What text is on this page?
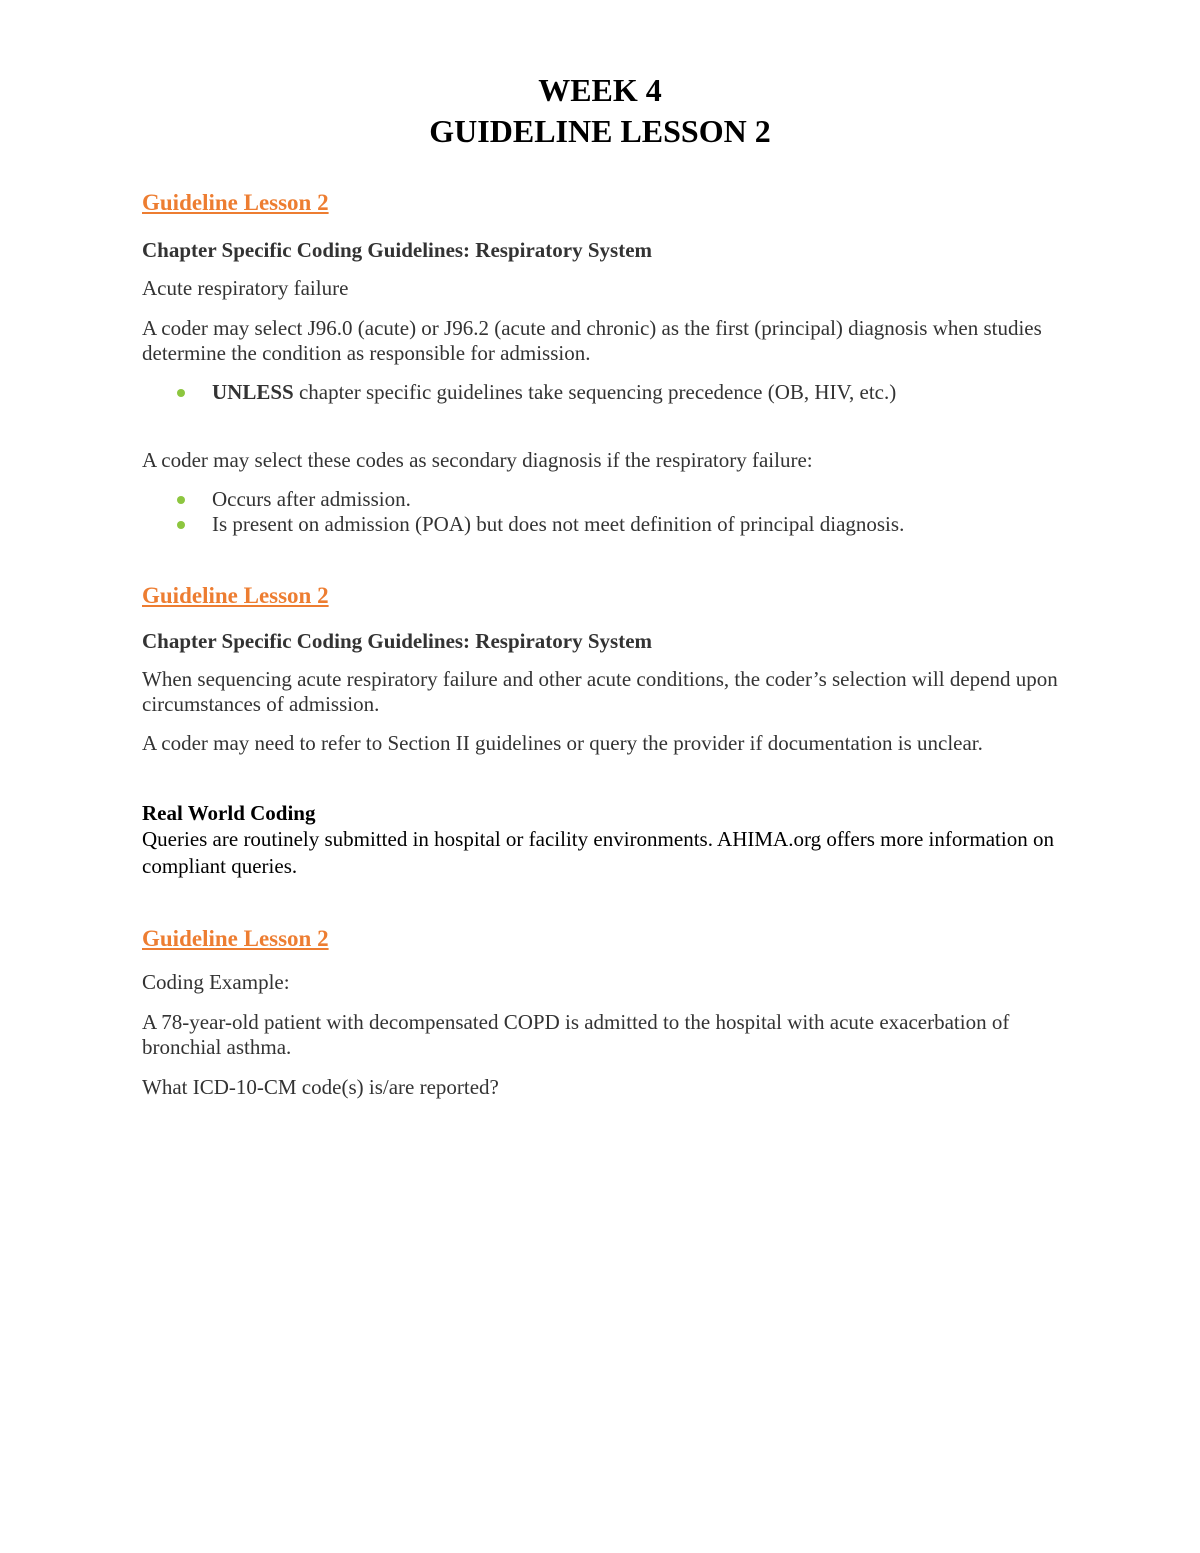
WEEK 4
GUIDELINE LESSON 2
Guideline Lesson 2
Chapter Specific Coding Guidelines: Respiratory System

Acute respiratory failure

A coder may select J96.0 (acute) or J96.2 (acute and chronic) as the first (principal) diagnosis when studies determine the condition as responsible for admission.

UNLESS chapter specific guidelines take sequencing precedence (OB, HIV, etc.)

A coder may select these codes as secondary diagnosis if the respiratory failure:

Occurs after admission.
Is present on admission (POA) but does not meet definition of principal diagnosis.
Guideline Lesson 2
Chapter Specific Coding Guidelines: Respiratory System

When sequencing acute respiratory failure and other acute conditions, the coder’s selection will depend upon circumstances of admission.

A coder may need to refer to Section II guidelines or query the provider if documentation is unclear.

Real World Coding

Queries are routinely submitted in hospital or facility environments. AHIMA.org offers more information on compliant queries.

Guideline Lesson 2

Coding Example:

A 78-year-old patient with decompensated COPD is admitted to the hospital with acute exacerbation of bronchial asthma.

What ICD-10-CM code(s) is/are reported?
